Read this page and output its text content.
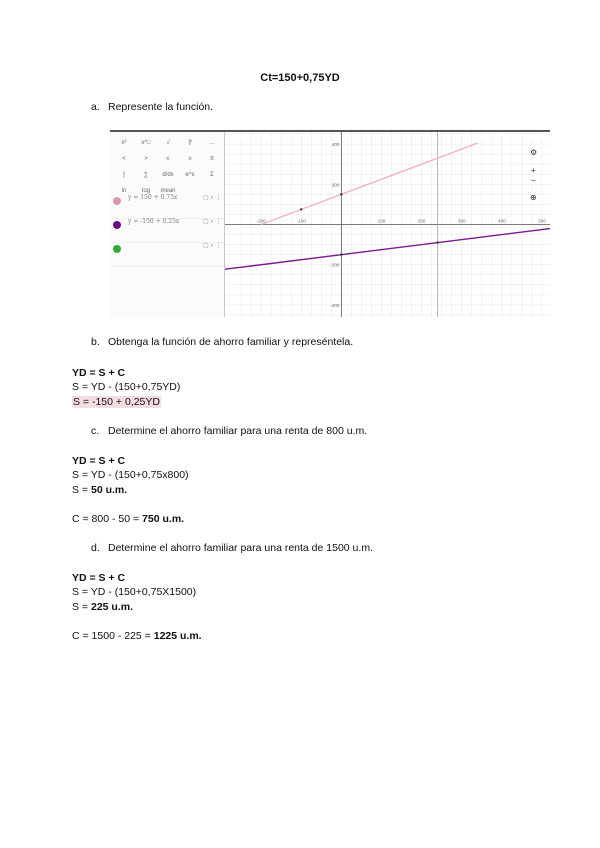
Ct=150+0,75YD
a. Represente la función.
x²	x^□	√	∛	…
<	>	≤	≥	π
∫	∑	d/dx	e^x	Σ
ln	log	mean
y = 150 + 0.75x	▢ ⌕ ⋮
y = -150 + 0.25x	▢ ⌕ ⋮
▢ ⌕ ⋮
-200	-100	100	200	300	400	500
400
200
-200
-400
⚙
+
−
⊕
b. Obtenga la función de ahorro familiar y represéntela.
YD = S + C
S = YD - (150+0,75YD)
S = -150 + 0,25YD
c. Determine el ahorro familiar para una renta de 800 u.m.
YD = S + C
S = YD - (150+0,75x800)
S = 50 u.m.
C = 800 - 50 = 750 u.m.
d. Determine el ahorro familiar para una renta de 1500 u.m.
YD = S + C
S = YD - (150+0,75X1500)
S = 225 u.m.
C = 1500 - 225 = 1225 u.m.
